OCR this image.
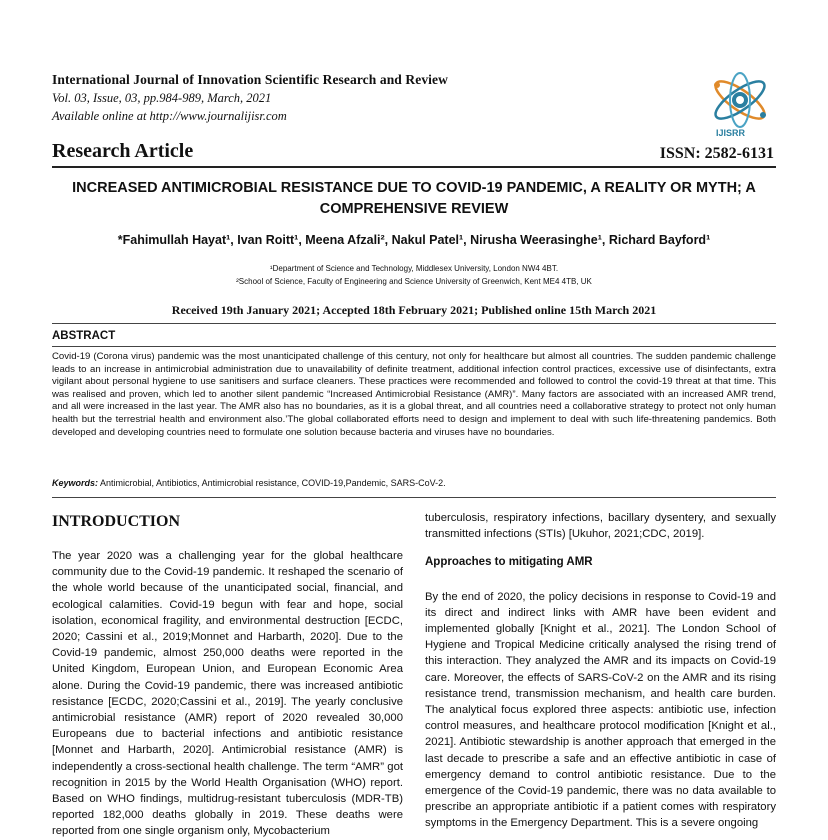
International Journal of Innovation Scientific Research and Review
Vol. 03, Issue, 03, pp.984-989, March, 2021
Available online at http://www.journalijisr.com
IJISRR
Research Article	ISSN: 2582-6131
INCREASED ANTIMICROBIAL RESISTANCE DUE TO COVID-19 PANDEMIC, A REALITY OR MYTH; A COMPREHENSIVE REVIEW
*Fahimullah Hayat¹, Ivan Roitt¹, Meena Afzali², Nakul Patel¹, Nirusha Weerasinghe¹, Richard Bayford¹
¹Department of Science and Technology, Middlesex University, London NW4 4BT.
²School of Science, Faculty of Engineering and Science University of Greenwich, Kent ME4 4TB, UK
Received 19th January 2021; Accepted 18th February 2021; Published online 15th March 2021
ABSTRACT
Covid-19 (Corona virus) pandemic was the most unanticipated challenge of this century, not only for healthcare but almost all countries. The sudden pandemic challenge leads to an increase in antimicrobial administration due to unavailability of definite treatment, additional infection control practices, excessive use of disinfectants, extra vigilant about personal hygiene to use sanitisers and surface cleaners. These practices were recommended and followed to control the covid-19 threat at that time. This was realised and proven, which led to another silent pandemic “Increased Antimicrobial Resistance (AMR)”. Many factors are associated with an increased AMR trend, and all were increased in the last year. The AMR also has no boundaries, as it is a global threat, and all countries need a collaborative strategy to protect not only human health but the terrestrial health and environment also.’The global collaborated efforts need to design and implement to deal with such life-threatening pandemics. Both developed and developing countries need to formulate one solution because bacteria and viruses have no boundaries.
Keywords: Antimicrobial, Antibiotics, Antimicrobial resistance, COVID-19,Pandemic, SARS-CoV-2.
INTRODUCTION

The year 2020 was a challenging year for the global healthcare community due to the Covid-19 pandemic. It reshaped the scenario of the whole world because of the unanticipated social, financial, and ecological calamities. Covid-19 begun with fear and hope, social isolation, economical fragility, and environmental destruction [ECDC, 2020; Cassini et al., 2019;Monnet and Harbarth, 2020]. Due to the Covid-19 pandemic, almost 250,000 deaths were reported in the United Kingdom, European Union, and European Economic Area alone. During the Covid-19 pandemic, there was increased antibiotic resistance [ECDC, 2020;Cassini et al., 2019]. The yearly conclusive antimicrobial resistance (AMR) report of 2020 revealed 30,000 Europeans due to bacterial infections and antibiotic resistance [Monnet and Harbarth, 2020]. Antimicrobial resistance (AMR) is independently a cross-sectional health challenge. The term “AMR” got recognition in 2015 by the World Health Organisation (WHO) report. Based on WHO findings, multidrug-resistant tuberculosis (MDR-TB) reported 182,000 deaths globally in 2019. These deaths were reported from one single organism only, Mycobacterium

tuberculosis, respiratory infections, bacillary dysentery, and sexually transmitted infections (STIs) [Ukuhor, 2021;CDC, 2019].

Approaches to mitigating AMR

By the end of 2020, the policy decisions in response to Covid-19 and its direct and indirect links with AMR have been evident and implemented globally [Knight et al., 2021]. The London School of Hygiene and Tropical Medicine critically analysed the rising trend of this interaction. They analyzed the AMR and its impacts on Covid-19 care. Moreover, the effects of SARS-CoV-2 on the AMR and its rising resistance trend, transmission mechanism, and health care burden. The analytical focus explored three aspects: antibiotic use, infection control measures, and healthcare protocol modification [Knight et al., 2021]. Antibiotic stewardship is another approach that emerged in the last decade to prescribe a safe and an effective antibiotic in case of emergency demand to control antibiotic resistance. Due to the emergence of the Covid-19 pandemic, there was no data available to prescribe an appropriate antibiotic if a patient comes with respiratory symptoms in the Emergency Department. This is a severe ongoing
